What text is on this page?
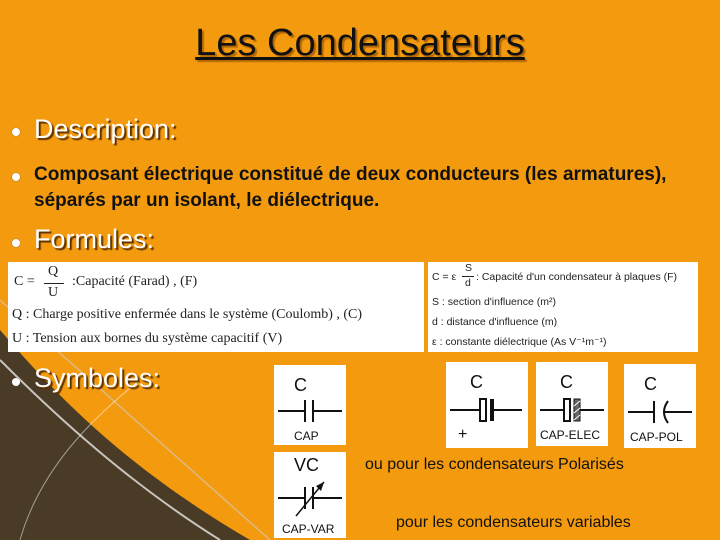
Les Condensateurs
Description:
Composant électrique constitué de deux conducteurs (les armatures), séparés par un isolant, le diélectrique.
Formules:
C =
Q
U
:Capacité (Farad) , (F)
Q : Charge positive enfermée dans le système (Coulomb) , (C)
U : Tension aux bornes du système capacitif (V)
C = ε
S
d : Capacité d'un condensateur à plaques (F)
S : section d'influence (m²)
d : distance d'influence (m)
ε : constante diélectrique (As V⁻¹m⁻¹)
Symboles:	C
CAP
VC
CAP-VAR
C
+
C
CAP-ELEC
C
CAP-POL
ou pour les condensateurs Polarisés
pour les condensateurs variables
